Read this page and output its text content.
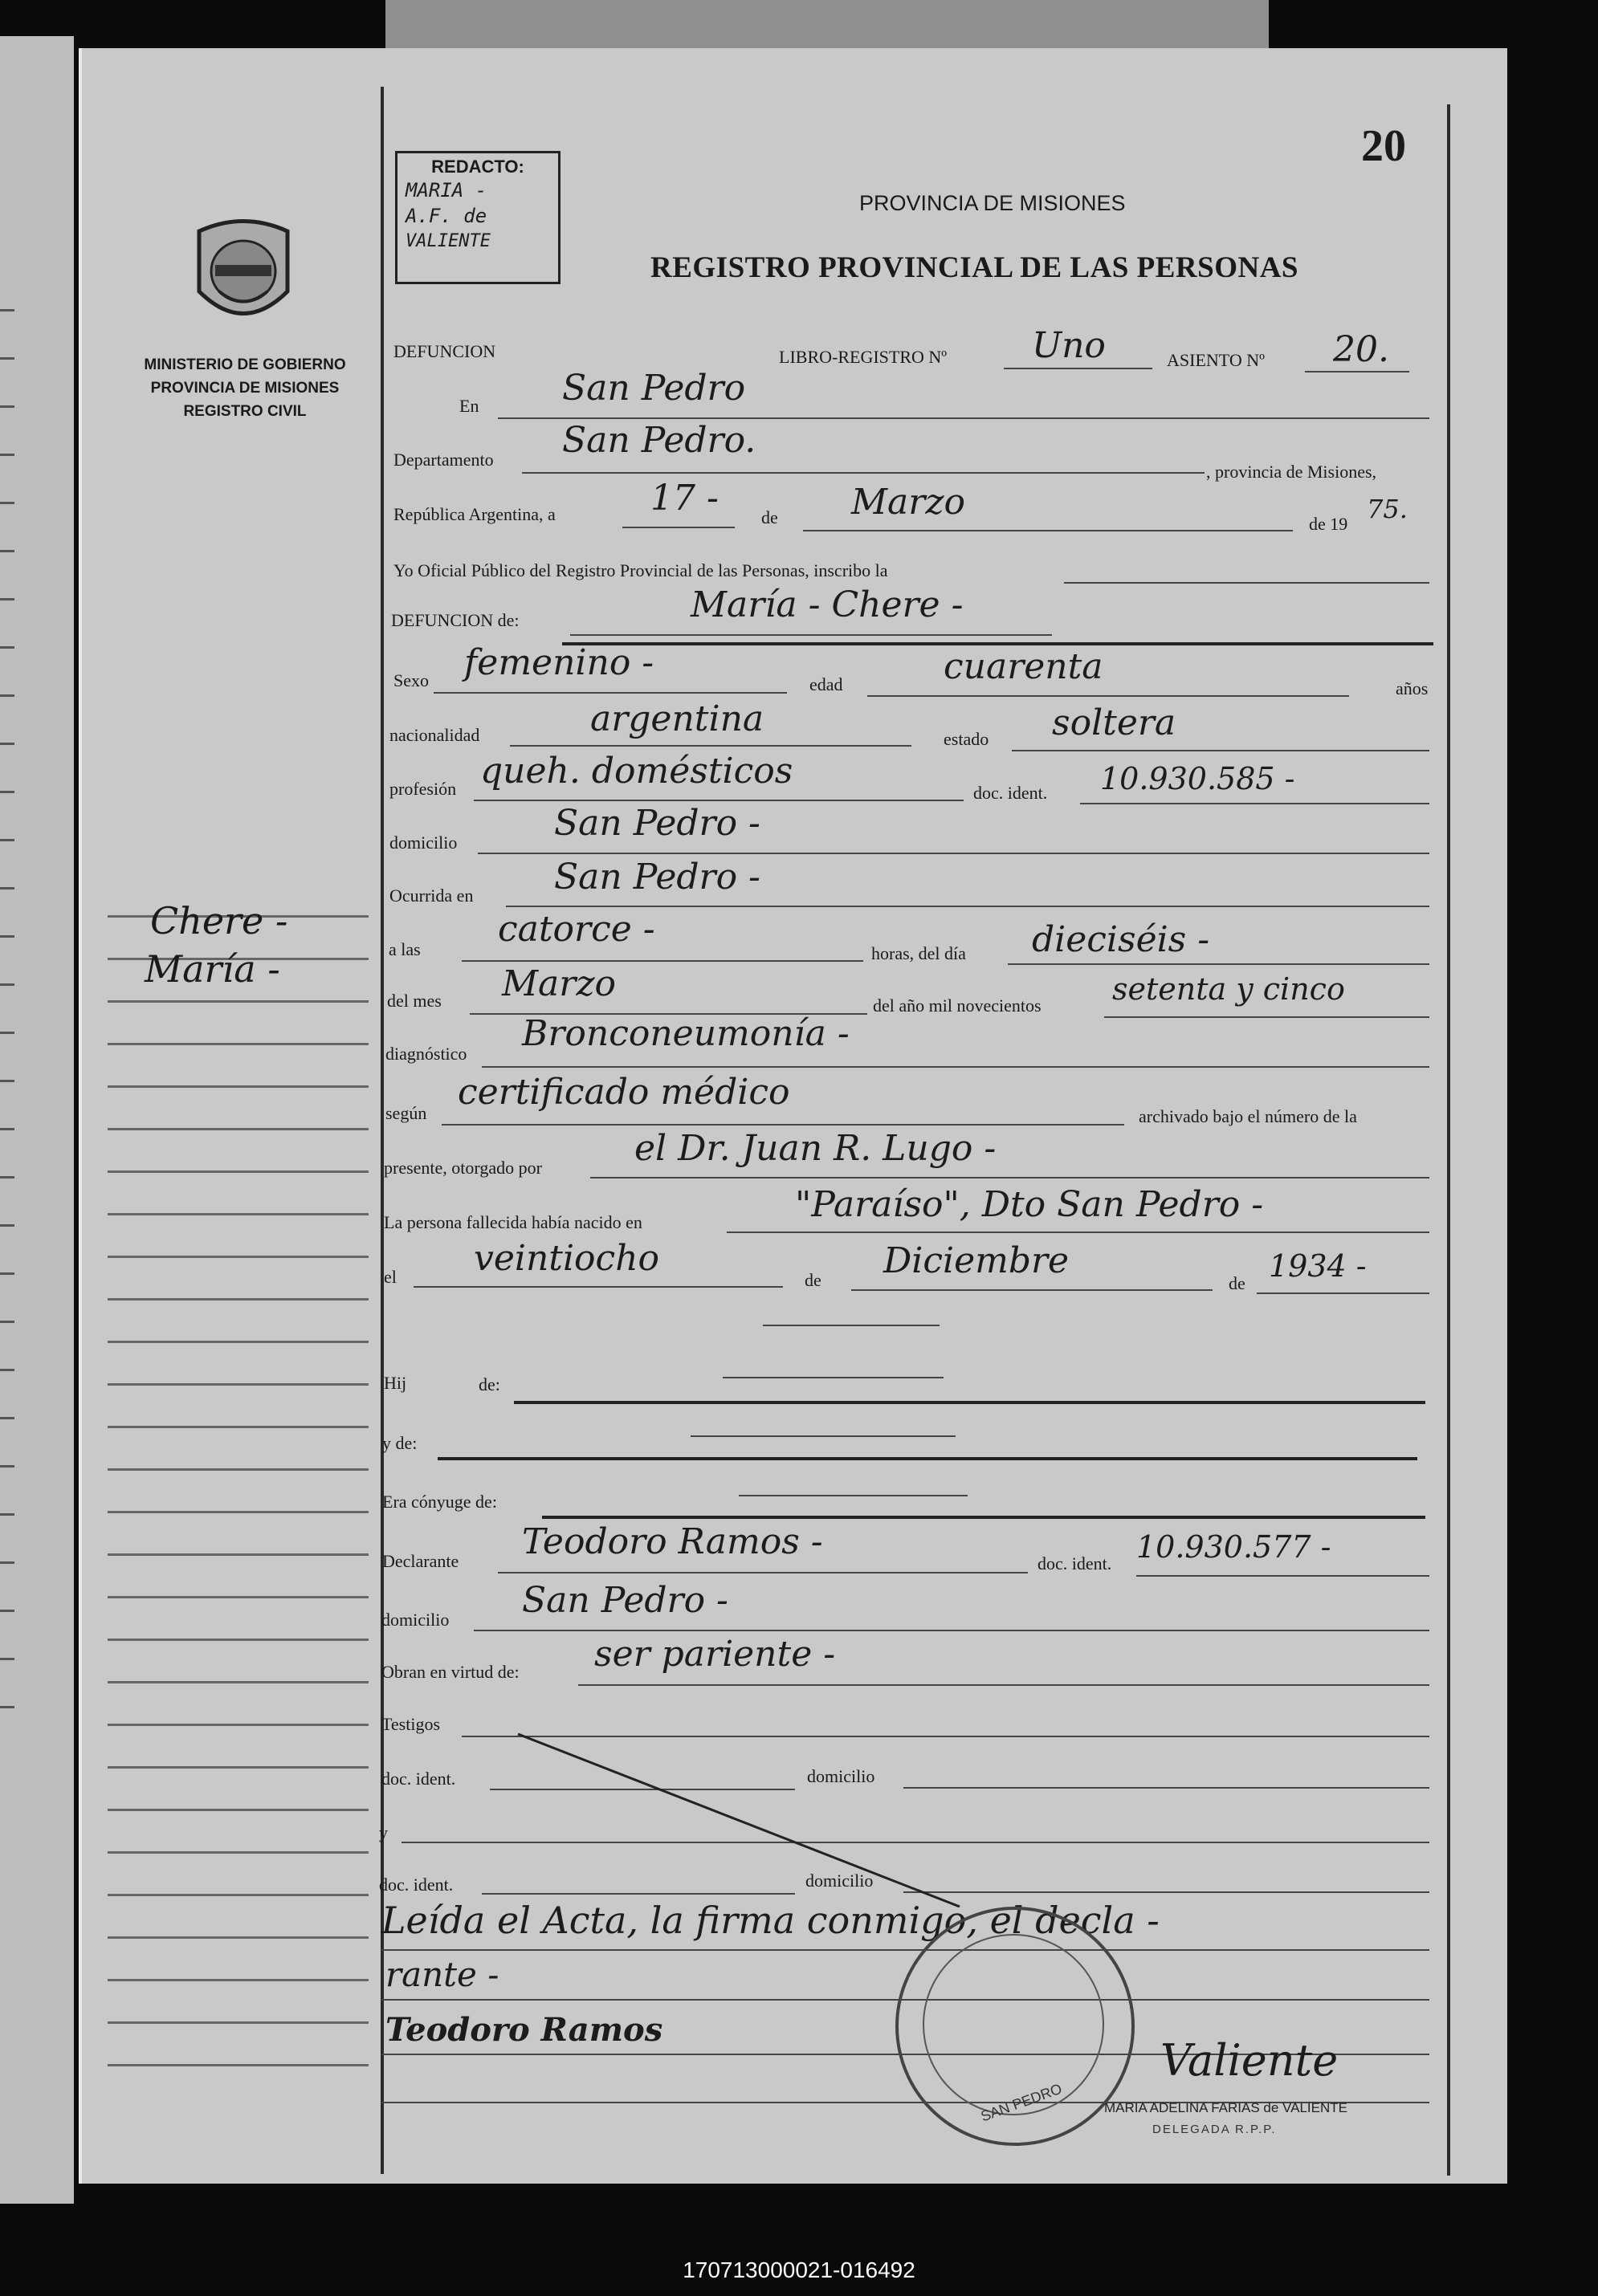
Chere -
María -
MINISTERIO DE GOBIERNO
PROVINCIA DE MISIONES
REGISTRO CIVIL
REDACTO:
MARIA -
A.F. de
VALIENTE
20
PROVINCIA DE MISIONES
REGISTRO PROVINCIAL DE LAS PERSONAS
DEFUNCION	LIBRO-REGISTRO Nº Uno	ASIENTO Nº 20.
En San Pedro
Departamento San Pedro.
, provincia de Misiones,
República Argentina, a	17 - de Marzo
de 19 75.
Yo Oficial Público del Registro Provincial de las Personas, inscribo la
DEFUNCION de:	María - Chere -
Sexo femenino -
edad	cuarenta
años
nacionalidad	argentina	estado soltera
profesión queh. domésticos
doc. ident. 10.930.585 -
domicilio	San Pedro -
Ocurrida en San Pedro -
a las catorce -
horas, del día dieciséis -
del mes Marzo
del año mil novecientos setenta y cinco
diagnóstico Bronconeumonía -
según
certificado médico
archivado bajo el número de la
presente, otorgado por	el Dr. Juan R. Lugo -
La persona fallecida había nacido en	"Paraíso", Dto San Pedro -
el veintiocho
de Diciembre
de 1934 -
Hij	de:
y de:
Era cónyuge de:
Declarante Teodoro Ramos -
doc. ident. 10.930.577 -
domicilio San Pedro -
Obran en virtud de: ser pariente -
Testigos
doc. ident.	domicilio
y
doc. ident.	domicilio
Leída el Acta, la firma conmigo, el decla -
rante -
Teodoro Ramos
SAN PEDRO
Valiente
MARIA ADELINA FARIAS de VALIENTE
DELEGADA R.P.P.
170713000021-016492
